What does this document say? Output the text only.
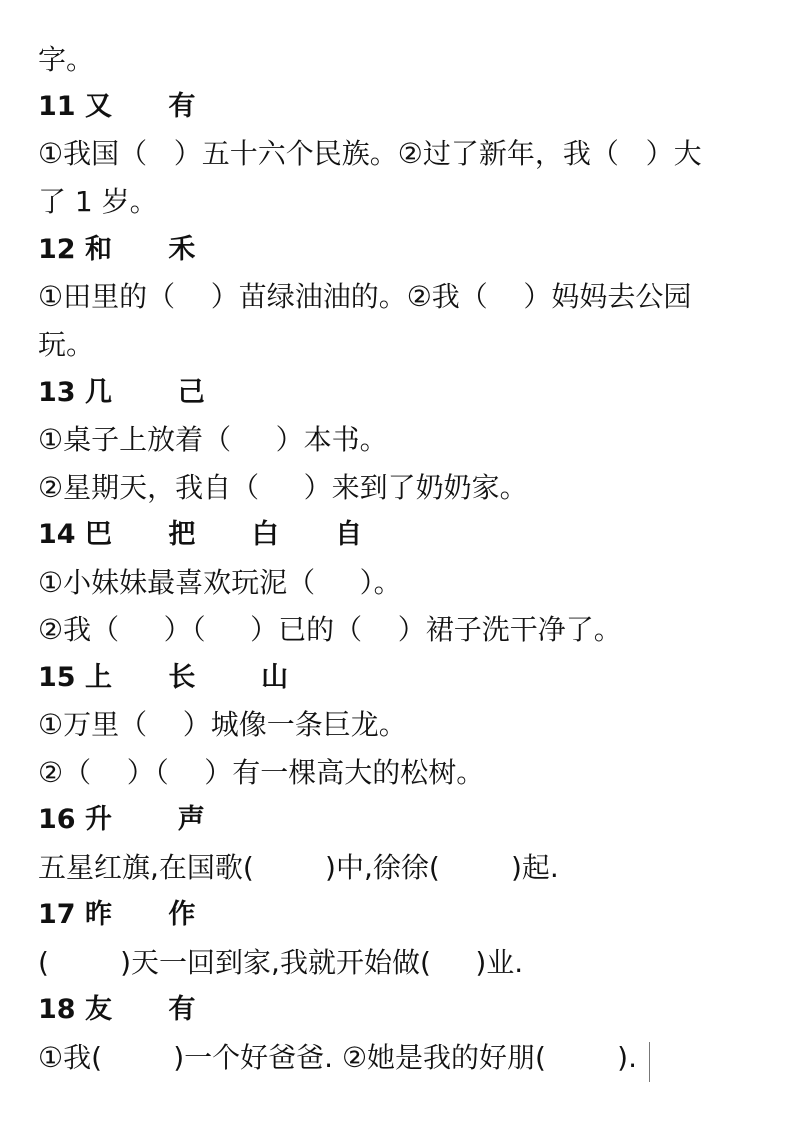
字。
11 又      有
①我国（   ）五十六个民族。②过了新年，我（   ）大
了 1 岁。
12 和      禾
①田里的（    ）苗绿油油的。②我（    ）妈妈去公园
玩。
13 几       己
①桌子上放着（     ）本书。
②星期天，我自（     ）来到了奶奶家。
14 巴      把      白      自
①小妹妹最喜欢玩泥（     ）。
②我（     ）（     ）已的（    ）裙子洗干净了。
15 上      长       山
①万里（    ）城像一条巨龙。
②（    ）（    ）有一棵高大的松树。
16 升       声
五星红旗,在国歌(        )中,徐徐(        )起.
17 昨      作
(        )天一回到家,我就开始做(     )业.
18 友      有
①我(        )一个好爸爸. ②她是我的好朋(        ).
